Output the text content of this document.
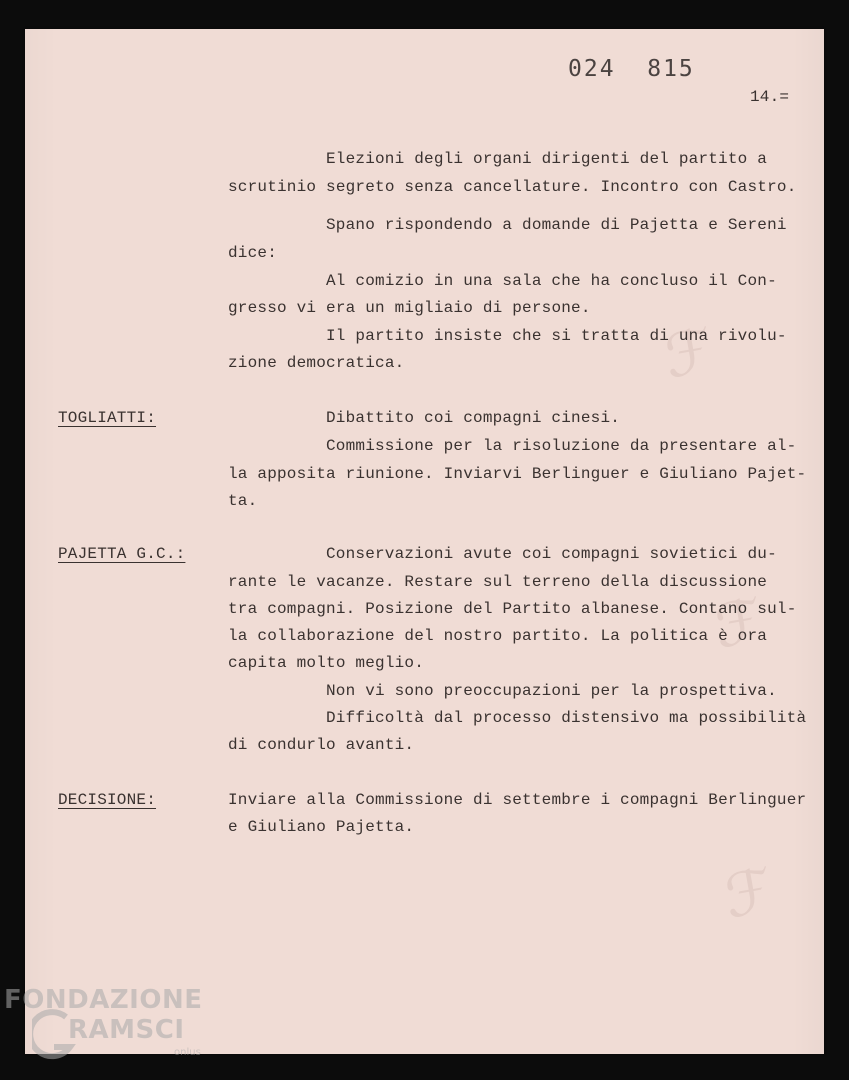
ℱ
ℱ
ℱ
024  815
14.=
Elezioni degli organi dirigenti del partito a
scrutinio segreto senza cancellature. Incontro con Castro.
Spano rispondendo a domande di Pajetta e Sereni
dice:
Al comizio in una sala che ha concluso il Con-
gresso vi era un migliaio di persone.
Il partito insiste che si tratta di una rivolu-
zione democratica.
TOGLIATTI:	Dibattito coi compagni cinesi.
Commissione per la risoluzione da presentare al-
la apposita riunione. Inviarvi Berlinguer e Giuliano Pajet-
ta.
PAJETTA G.C.:	Conservazioni avute coi compagni sovietici du-
rante le vacanze. Restare sul terreno della discussione
tra compagni. Posizione del Partito albanese. Contano sul-
la collaborazione del nostro partito. La politica è ora
capita molto meglio.
Non vi sono preoccupazioni per la prospettiva.
Difficoltà dal processo distensivo ma possibilità
di condurlo avanti.
DECISIONE:	Inviare alla Commissione di settembre i compagni Berlinguer
e Giuliano Pajetta.
FONDAZIONE
RAMSCI
onlus
